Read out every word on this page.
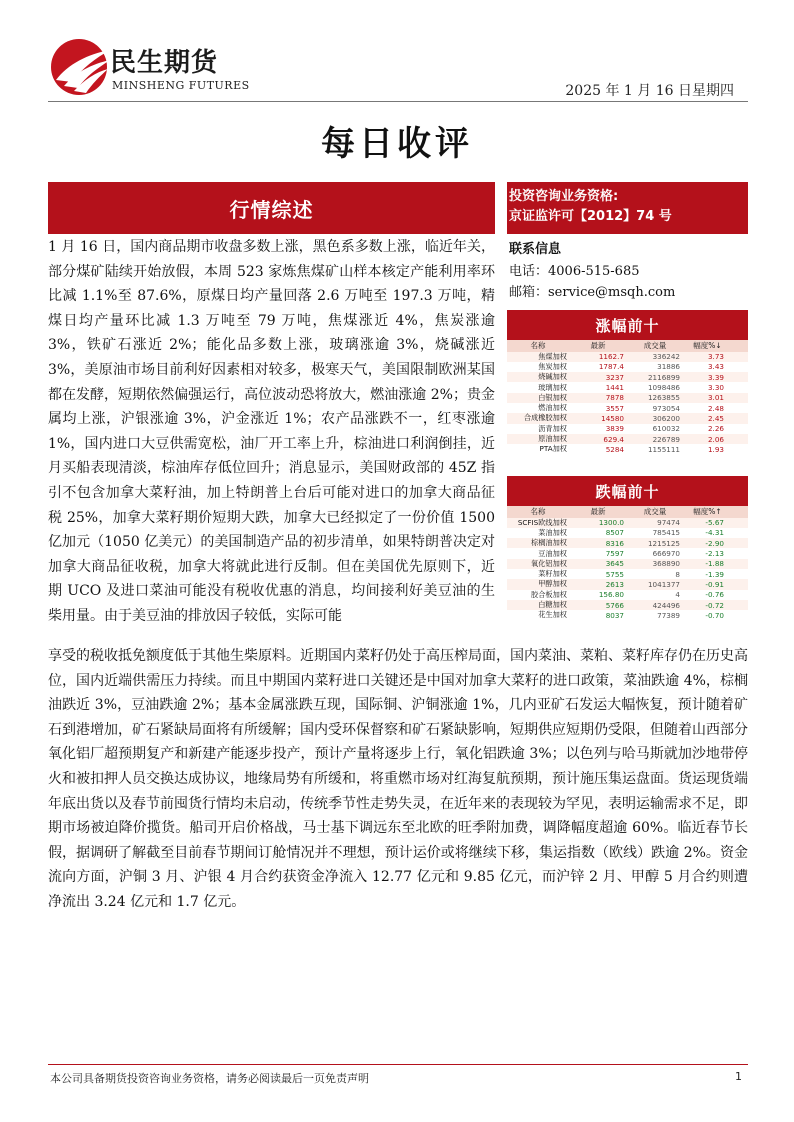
民生期货
MINSHENG FUTURES	2025 年 1 月 16 日星期四
每日收评
行情综述
1 月 16 日，国内商品期市收盘多数上涨，黑色系多数上涨，临近年关，部分煤矿陆续开始放假，本周 523 家炼焦煤矿山样本核定产能利用率环比减 1.1%至 87.6%，原煤日均产量回落 2.6 万吨至 197.3 万吨，精煤日均产量环比减 1.3 万吨至 79 万吨，焦煤涨近 4%，焦炭涨逾 3%，铁矿石涨近 2%；能化品多数上涨，玻璃涨逾 3%，烧碱涨近 3%，美原油市场目前利好因素相对较多，极寒天气，美国限制欧洲某国都在发酵，短期依然偏强运行，高位波动恐将放大，燃油涨逾 2%；贵金属均上涨，沪银涨逾 3%，沪金涨近 1%；农产品涨跌不一，红枣涨逾 1%，国内进口大豆供需宽松，油厂开工率上升，棕油进口利润倒挂，近月买船表现清淡，棕油库存低位回升；消息显示，美国财政部的 45Z 指引不包含加拿大菜籽油，加上特朗普上台后可能对进口的加拿大商品征税 25%，加拿大菜籽期价短期大跌，加拿大已经拟定了一份价值 1500 亿加元（1050 亿美元）的美国制造产品的初步清单，如果特朗普决定对加拿大商品征收税，加拿大将就此进行反制。但在美国优先原则下，近期 UCO 及进口菜油可能没有税收优惠的消息，均间接利好美豆油的生柴用量。由于美豆油的排放因子较低，实际可能
享受的税收抵免额度低于其他生柴原料。近期国内菜籽仍处于高压榨局面，国内菜油、菜粕、菜籽库存仍在历史高位，国内近端供需压力持续。而且中期国内菜籽进口关键还是中国对加拿大菜籽的进口政策，菜油跌逾 4%，棕榈油跌近 3%，豆油跌逾 2%；基本金属涨跌互现，国际铜、沪铜涨逾 1%，几内亚矿石发运大幅恢复，预计随着矿石到港增加，矿石紧缺局面将有所缓解；国内受环保督察和矿石紧缺影响，短期供应短期仍受限，但随着山西部分氧化铝厂超预期复产和新建产能逐步投产，预计产量将逐步上行，氧化铝跌逾 3%；以色列与哈马斯就加沙地带停火和被扣押人员交换达成协议，地缘局势有所缓和，将重燃市场对红海复航预期，预计施压集运盘面。货运现货端年底出货以及春节前囤货行情均未启动，传统季节性走势失灵，在近年来的表现较为罕见，表明运输需求不足，即期市场被迫降价揽货。船司开启价格战，马士基下调远东至北欧的旺季附加费，调降幅度超逾 60%。临近春节长假，据调研了解截至目前春节期间订舱情况并不理想，预计运价或将继续下移，集运指数（欧线）跌逾 2%。资金流向方面，沪铜 3 月、沪银 4 月合约获资金净流入 12.77 亿元和 9.85 亿元，而沪锌 2 月、甲醇 5 月合约则遭净流出 3.24 亿元和 1.7 亿元。
投资咨询业务资格:
京证监许可【2012】74 号
联系信息
电话：4006-515-685
邮箱：service@msqh.com
涨幅前十
名称	最新	成交量	幅度%↓
焦煤加权	1162.7	336242	3.73
焦炭加权	1787.4	31886	3.43
烧碱加权	3237	2116899	3.39
玻璃加权	1441	1098486	3.30
白银加权	7878	1263855	3.01
燃油加权	3557	973054	2.48
合成橡胶加权	14580	306200	2.45
沥青加权	3839	610032	2.26
原油加权	629.4	226789	2.06
PTA加权	5284	1155111	1.93
跌幅前十
名称	最新	成交量	幅度%↑
SCFIS欧线加权	1300.0	97474	-5.67
菜油加权	8507	785415	-4.31
棕榈油加权	8316	1215125	-2.90
豆油加权	7597	666970	-2.13
氧化铝加权	3645	368890	-1.88
菜籽加权	5755	8	-1.39
甲醇加权	2613	1041377	-0.91
胶合板加权	156.80	4	-0.76
白糖加权	5766	424496	-0.72
花生加权	8037	77389	-0.70
本公司具备期货投资咨询业务资格，请务必阅读最后一页免责声明	1
